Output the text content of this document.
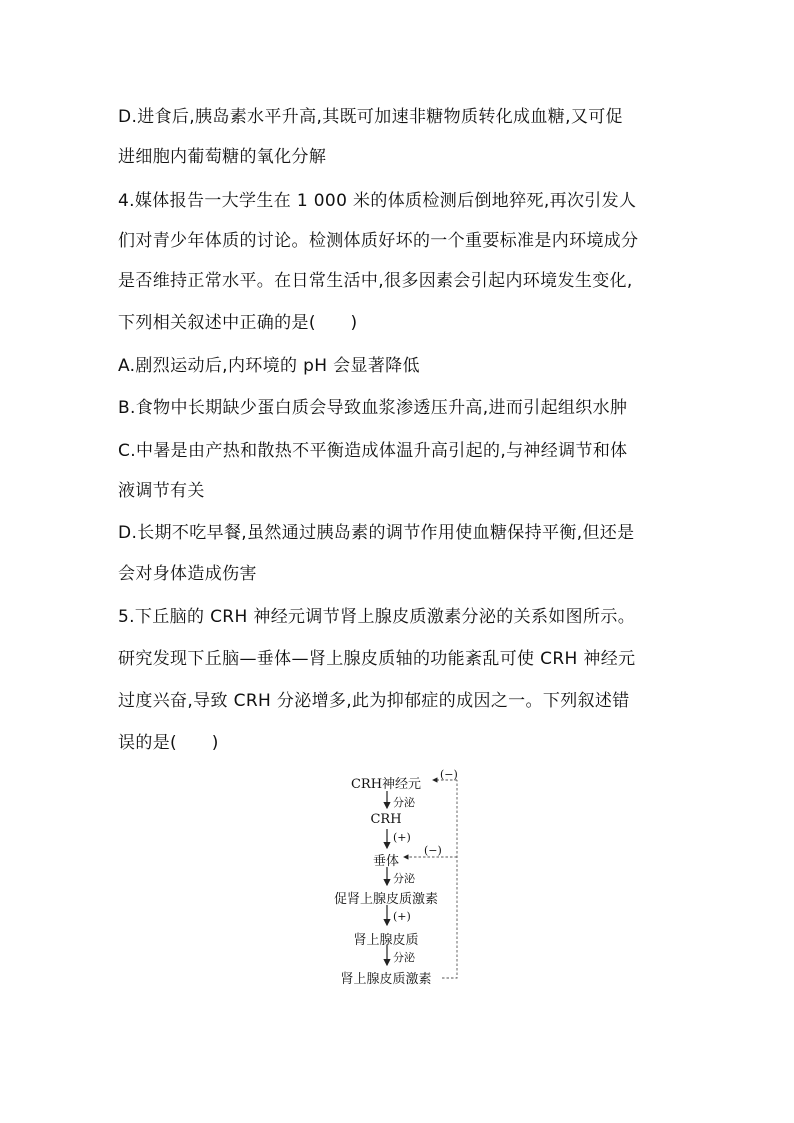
D.进食后,胰岛素水平升高,其既可加速非糖物质转化成血糖,又可促
进细胞内葡萄糖的氧化分解
4.媒体报告一大学生在 1 000 米的体质检测后倒地猝死,再次引发人
们对青少年体质的讨论。检测体质好坏的一个重要标准是内环境成分
是否维持正常水平。在日常生活中,很多因素会引起内环境发生变化,
下列相关叙述中正确的是(　　)
A.剧烈运动后,内环境的 pH 会显著降低
B.食物中长期缺少蛋白质会导致血浆渗透压升高,进而引起组织水肿
C.中暑是由产热和散热不平衡造成体温升高引起的,与神经调节和体
液调节有关
D.长期不吃早餐,虽然通过胰岛素的调节作用使血糖保持平衡,但还是
会对身体造成伤害
5.下丘脑的 CRH 神经元调节肾上腺皮质激素分泌的关系如图所示。
研究发现下丘脑—垂体—肾上腺皮质轴的功能紊乱可使 CRH 神经元
过度兴奋,导致 CRH 分泌增多,此为抑郁症的成因之一。下列叙述错
误的是(　　)
CRH神经元
CRH
垂体
促肾上腺皮质激素
肾上腺皮质
肾上腺皮质激素
分泌
(+)
分泌
(+)
分泌
(−)
(−)
